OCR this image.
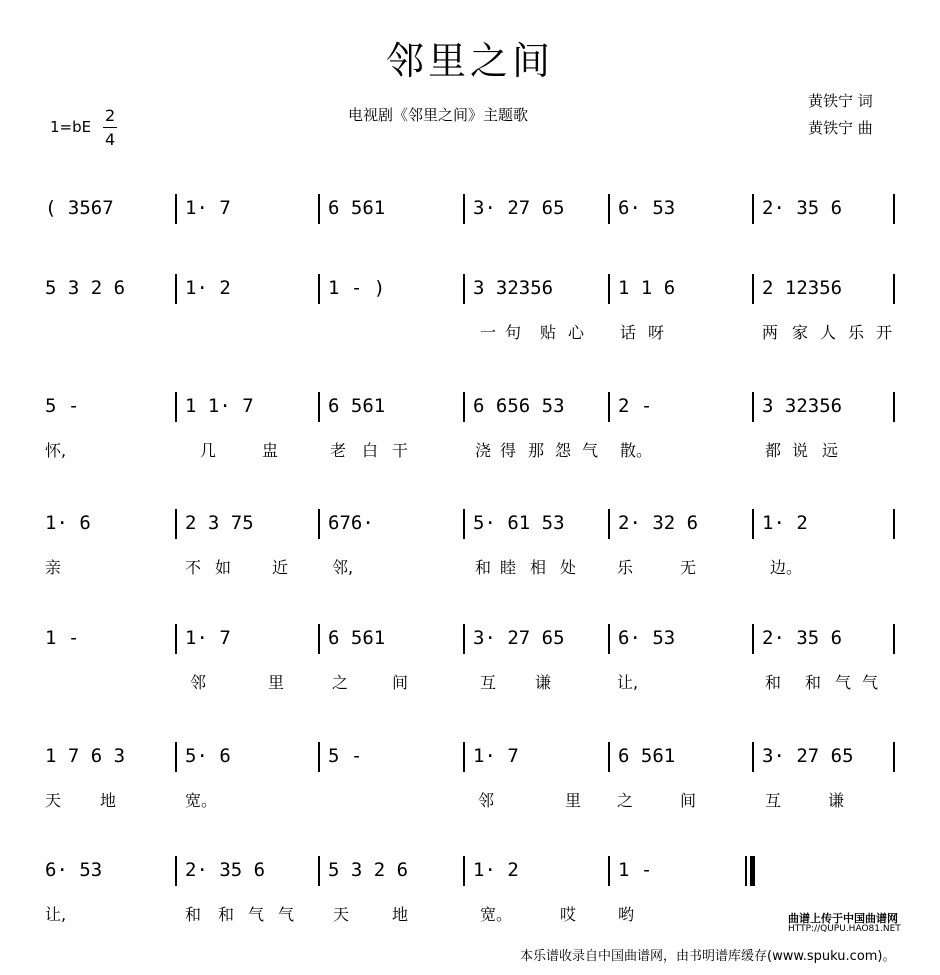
邻里之间
1=bE
2
4
电视剧《邻里之间》主题歌
黄铁宁 词
黄铁宁 曲
( 3567	1· 7	6 561	3· 27 65	6· 53	2· 35 6
5 3 2 6	1· 2	1 - )	3 32356	1 1 6	2 12356
一 句 贴 心 话 呀	两 家 人 乐 开
5 -	1 1· 7	6 561	6 656 53	2 -	3 32356
怀,	几	盅	老 白 干	浇 得 那 怨 气 散。	都 说 远
1· 6	2 3 75	676·	5· 61 53	2· 32 6	1· 2
亲	不 如	近	邻,	和 睦 相 处	乐	无	边。
1 -	1· 7	6 561	3· 27 65	6· 53	2· 35 6
邻	里	之	间	互 谦	让,	和 和 气 气
1 7 6 3	5· 6	5 -	1· 7	6 561	3· 27 65
天 地	宽。	邻	里 之	间	互	谦
6· 53	2· 35 6	5 3 2 6	1· 2	1 -
让,	和 和 气 气 天	地	宽。	哎	哟	曲谱上传于中国曲谱网
HTTP://QUPU.HAO81.NET
本乐谱收录自中国曲谱网，由书明谱库缓存(www.spuku.com)。
